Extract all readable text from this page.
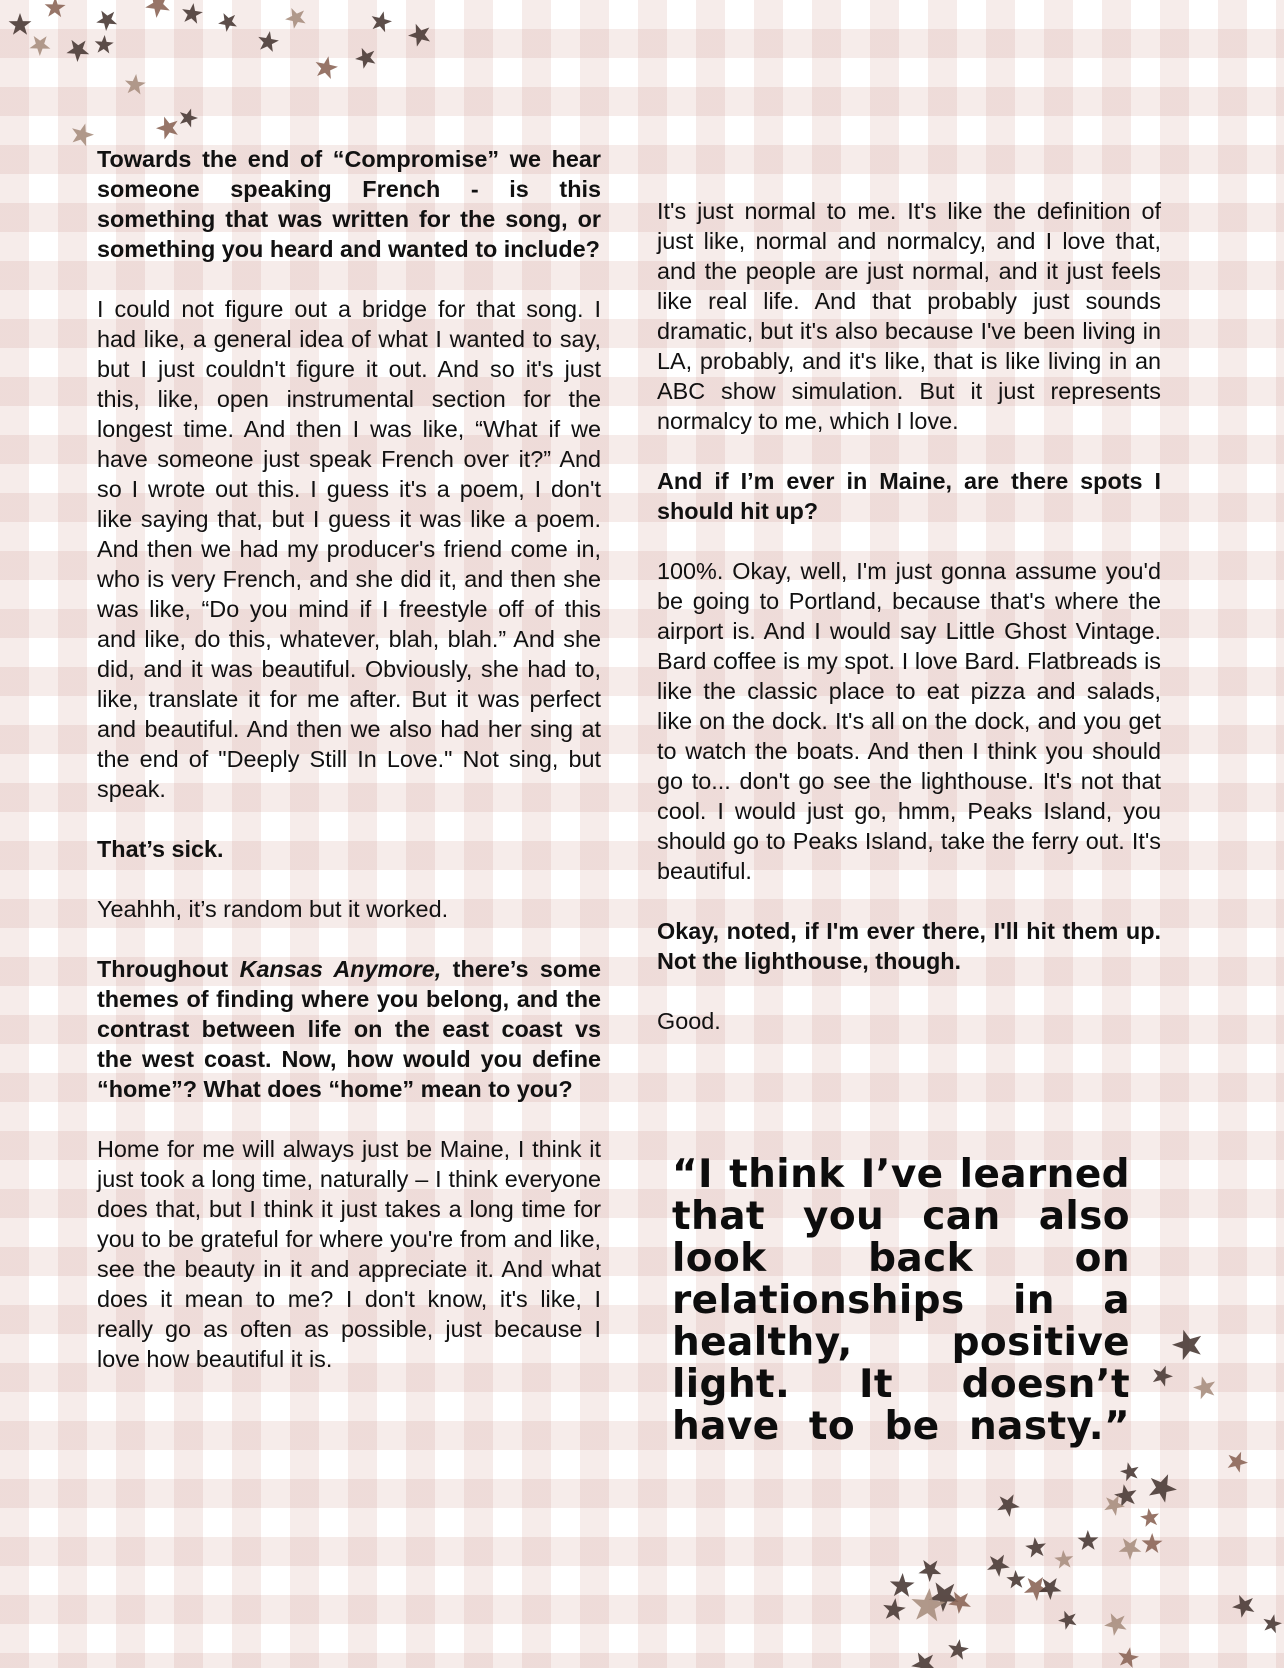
Towards the end of “Compromise” we hear someone speaking French - is this something that was written for the song, or something you heard and wanted to include?

I could not figure out a bridge for that song. I had like, a general idea of what I wanted to say, but I just couldn't figure it out. And so it's just this, like, open instrumental section for the longest time. And then I was like, “What if we have someone just speak French over it?” And so I wrote out this. I guess it's a poem, I don't like saying that, but I guess it was like a poem. And then we had my producer's friend come in, who is very French, and she did it, and then she was like, “Do you mind if I freestyle off of this and like, do this, whatever, blah, blah.” And she did, and it was beautiful. Obviously, she had to, like, translate it for me after. But it was perfect and beautiful. And then we also had her sing at the end of "Deeply Still In Love." Not sing, but speak.

That’s sick.

Yeahhh, it’s random but it worked.

Throughout Kansas Anymore, there’s some themes of finding where you belong, and the contrast between life on the east coast vs the west coast. Now, how would you define “home”? What does “home” mean to you?

Home for me will always just be Maine, I think it just took a long time, naturally – I think everyone does that, but I think it just takes a long time for you to be grateful for where you're from and like, see the beauty in it and appreciate it. And what does it mean to me? I don't know, it's like, I really go as often as possible, just because I love how beautiful it is.

It's just normal to me. It's like the definition of just like, normal and normalcy, and I love that, and the people are just normal, and it just feels like real life. And that probably just sounds dramatic, but it's also because I've been living in LA, probably, and it's like, that is like living in an ABC show simulation. But it just represents normalcy to me, which I love.

And if I’m ever in Maine, are there spots I should hit up?

100%. Okay, well, I'm just gonna assume you'd be going to Portland, because that's where the airport is. And I would say Little Ghost Vintage. Bard coffee is my spot. I love Bard. Flatbreads is like the classic place to eat pizza and salads, like on the dock. It's all on the dock, and you get to watch the boats. And then I think you should go to... don't go see the lighthouse. It's not that cool. I would just go, hmm, Peaks Island, you should go to Peaks Island, take the ferry out. It's beautiful.

Okay, noted, if I'm ever there, I'll hit them up. Not the lighthouse, though.

Good.

“I think I’ve learned that you can also look back on relationships in a healthy, positive light. It doesn’t have to be nasty.”
